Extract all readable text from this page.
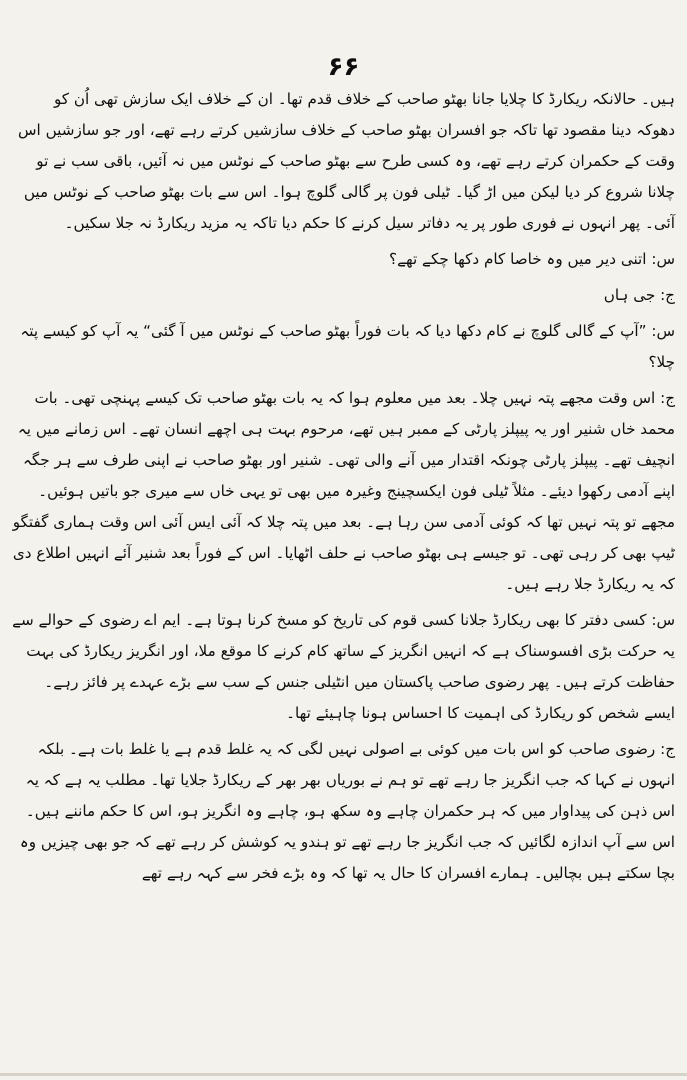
۶۶

ہیں۔ حالانکہ ریکارڈ کا چلایا جانا بھٹو صاحب کے خلاف قدم تھا۔ ان کے خلاف ایک سازش تھی اُن کو دھوکہ دینا مقصود تھا تاکہ جو افسران بھٹو صاحب کے خلاف سازشیں کرتے رہے تھے، اور جو سازشیں اس وقت کے حکمران کرتے رہے تھے، وہ کسی طرح سے بھٹو صاحب کے نوٹس میں نہ آئیں، باقی سب نے تو چلانا شروع کر دیا لیکن میں اڑ گیا۔ ٹیلی فون پر گالی گلوچ ہوا۔ اس سے بات بھٹو صاحب کے نوٹس میں آئی۔ پھر انہوں نے فوری طور پر یہ دفاتر سیل کرنے کا حکم دیا تاکہ یہ مزید ریکارڈ نہ جلا سکیں۔

س: اتنی دیر میں وہ خاصا کام دکھا چکے تھے؟

ج: جی ہاں

س: ”آپ کے گالی گلوچ نے کام دکھا دیا کہ بات فوراً بھٹو صاحب کے نوٹس میں آ گئی“ یہ آپ کو کیسے پتہ چلا؟

ج: اس وقت مجھے پتہ نہیں چلا۔ بعد میں معلوم ہوا کہ یہ بات بھٹو صاحب تک کیسے پہنچی تھی۔ بات محمد خاں شنیر اور یہ پیپلز پارٹی کے ممبر ہیں تھے، مرحوم بہت ہی اچھے انسان تھے۔ اس زمانے میں یہ انچیف تھے۔ پیپلز پارٹی چونکہ اقتدار میں آنے والی تھی۔ شنیر اور بھٹو صاحب نے اپنی طرف سے ہر جگہ اپنے آدمی رکھوا دیئے۔ مثلاً ٹیلی فون ایکسچینج وغیرہ میں بھی تو یہی خاں سے میری جو باتیں ہوئیں۔ مجھے تو پتہ نہیں تھا کہ کوئی آدمی سن رہا ہے۔ بعد میں پتہ چلا کہ آئی ایس آئی اس وقت ہماری گفتگو ٹیپ بھی کر رہی تھی۔ تو جیسے ہی بھٹو صاحب نے حلف اٹھایا۔ اس کے فوراً بعد شنیر آئے انہیں اطلاع دی کہ یہ ریکارڈ جلا رہے ہیں۔

س: کسی دفتر کا بھی ریکارڈ جلانا کسی قوم کی تاریخ کو مسخ کرنا ہوتا ہے۔ ایم اے رضوی کے حوالے سے یہ حرکت بڑی افسوسناک ہے کہ انہیں انگریز کے ساتھ کام کرنے کا موقع ملا، اور انگریز ریکارڈ کی بہت حفاظت کرتے ہیں۔ پھر رضوی صاحب پاکستان میں انٹیلی جنس کے سب سے بڑے عہدے پر فائز رہے۔ ایسے شخص کو ریکارڈ کی اہمیت کا احساس ہونا چاہیئے تھا۔

ج: رضوی صاحب کو اس بات میں کوئی بے اصولی نہیں لگی کہ یہ غلط قدم ہے یا غلط بات ہے۔ بلکہ انہوں نے کہا کہ جب انگریز جا رہے تھے تو ہم نے بوریاں بھر بھر کے ریکارڈ جلایا تھا۔ مطلب یہ ہے کہ یہ اس ذہن کی پیداوار میں کہ ہر حکمران چاہے وہ سکھ ہو، چاہے وہ انگریز ہو، اس کا حکم ماننے ہیں۔ اس سے آپ اندازہ لگائیں کہ جب انگریز جا رہے تھے تو ہندو یہ کوشش کر رہے تھے کہ جو بھی چیزیں وہ بچا سکتے ہیں بچالیں۔ ہمارے افسران کا حال یہ تھا کہ وہ بڑے فخر سے کہہ رہے تھے
